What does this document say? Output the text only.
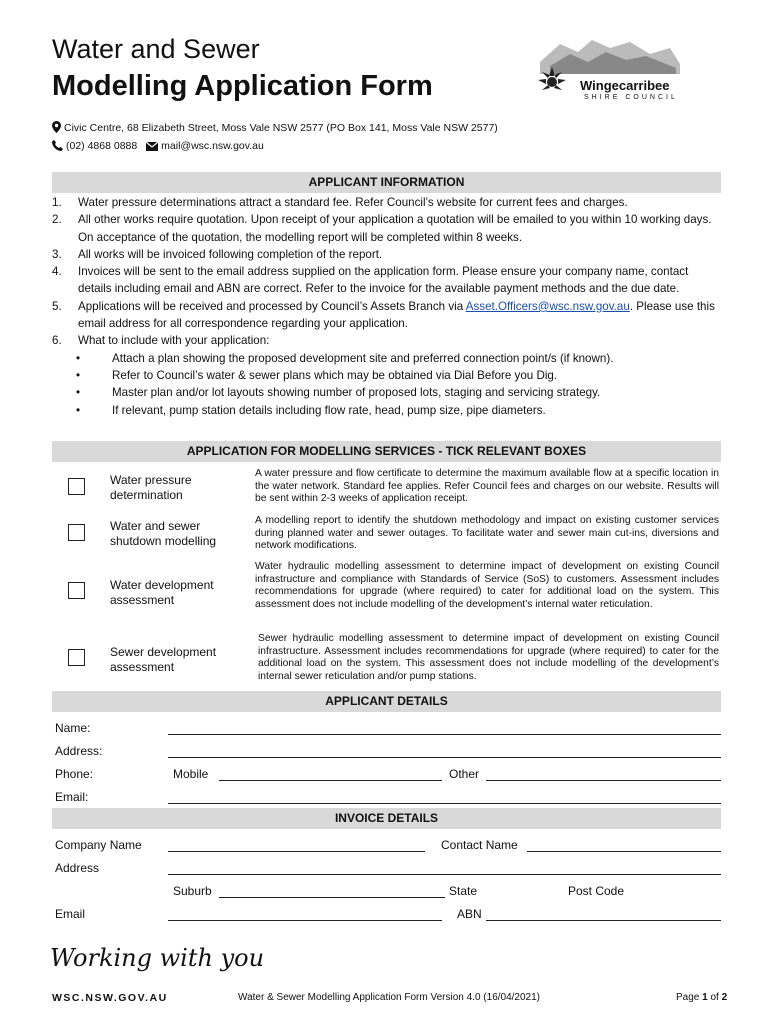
Water and Sewer
Modelling Application Form	Wingecarribee
SHIRE COUNCIL
Civic Centre, 68 Elizabeth Street, Moss Vale NSW 2577 (PO Box 141, Moss Vale NSW 2577)
(02) 4868 0888 mail@wsc.nsw.gov.au
APPLICANT INFORMATION
1.	Water pressure determinations attract a standard fee. Refer Council’s website for current fees and charges.
2.	All other works require quotation. Upon receipt of your application a quotation will be emailed to you within 10 working days. On acceptance of the quotation, the modelling report will be completed within 8 weeks.
3.	All works will be invoiced following completion of the report.
4.	Invoices will be sent to the email address supplied on the application form. Please ensure your company name, contact details including email and ABN are correct. Refer to the invoice for the available payment methods and the due date.
5.	Applications will be received and processed by Council’s Assets Branch via Asset.Officers@wsc.nsw.gov.au. Please use this email address for all correspondence regarding your application.
6.	What to include with your application:
•	Attach a plan showing the proposed development site and preferred connection point/s (if known).
•	Refer to Council’s water & sewer plans which may be obtained via Dial Before you Dig.
•	Master plan and/or lot layouts showing number of proposed lots, staging and servicing strategy.
•	If relevant, pump station details including flow rate, head, pump size, pipe diameters.
APPLICATION FOR MODELLING SERVICES - TICK RELEVANT BOXES
Water pressure determination
A water pressure and flow certificate to determine the maximum available flow at a specific location in the water network. Standard fee applies. Refer Council fees and charges on our website. Results will be sent within 2-3 weeks of application receipt.
Water and sewer shutdown modelling
A modelling report to identify the shutdown methodology and impact on existing customer services during planned water and sewer outages. To facilitate water and sewer main cut-ins, diversions and network modifications.
Water development assessment
Water hydraulic modelling assessment to determine impact of development on existing Council infrastructure and compliance with Standards of Service (SoS) to customers. Assessment includes recommendations for upgrade (where required) to cater for additional load on the system. This assessment does not include modelling of the development’s internal water reticulation.
Sewer development assessment
Sewer hydraulic modelling assessment to determine impact of development on existing Council infrastructure. Assessment includes recommendations for upgrade (where required) to cater for the additional load on the system. This assessment does not include modelling of the development’s internal sewer reticulation and/or pump stations.
APPLICANT DETAILS
Name:
Address:
Phone:	Mobile	Other
Email:
INVOICE DETAILS
Company Name	Contact Name
Address
Suburb	State	Post Code
Email	ABN
Working with you
WSC.NSW.GOV.AU	Water & Sewer Modelling Application Form Version 4.0 (16/04/2021)	Page 1 of 2
